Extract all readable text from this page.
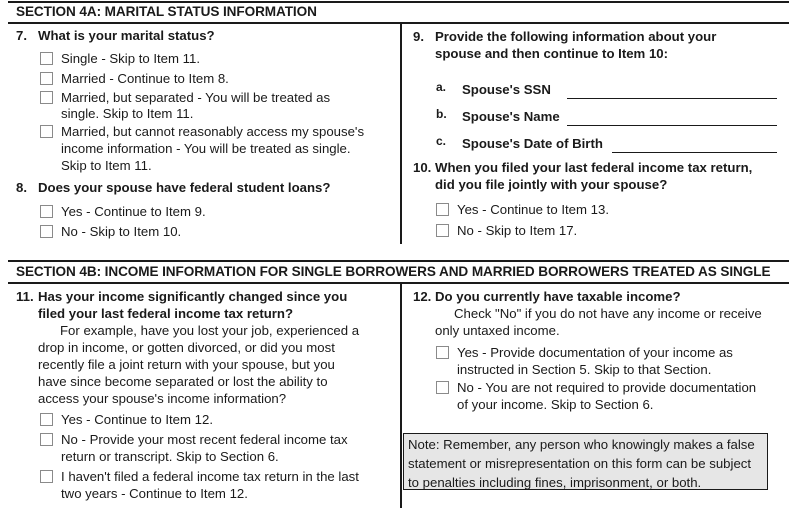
SECTION 4A: MARITAL STATUS INFORMATION
7. What is your marital status?
Single - Skip to Item 11.
Married - Continue to Item 8.
Married, but separated - You will be treated as
single. Skip to Item 11.
Married, but cannot reasonably access my spouse's
income information - You will be treated as single.
Skip to Item 11.
8. Does your spouse have federal student loans?
Yes - Continue to Item 9.
No - Skip to Item 10.
9. Provide the following information about your
spouse and then continue to Item 10:
a. Spouse's SSN
b. Spouse's Name
c. Spouse's Date of Birth
10. When you filed your last federal income tax return,
did you file jointly with your spouse?
Yes - Continue to Item 13.
No - Skip to Item 17.
SECTION 4B: INCOME INFORMATION FOR SINGLE BORROWERS AND MARRIED BORROWERS TREATED AS SINGLE
11. Has your income significantly changed since you
filed your last federal income tax return?
For example, have you lost your job, experienced a
drop in income, or gotten divorced, or did you most
recently file a joint return with your spouse, but you
have since become separated or lost the ability to
access your spouse's income information?
Yes - Continue to Item 12.
No - Provide your most recent federal income tax
return or transcript. Skip to Section 6.
I haven't filed a federal income tax return in the last
two years - Continue to Item 12.
12. Do you currently have taxable income?
Check "No" if you do not have any income or receive
only untaxed income.
Yes - Provide documentation of your income as
instructed in Section 5. Skip to that Section.
No - You are not required to provide documentation
of your income. Skip to Section 6.
Note: Remember, any person who knowingly makes a false
statement or misrepresentation on this form can be subject
to penalties including fines, imprisonment, or both.
